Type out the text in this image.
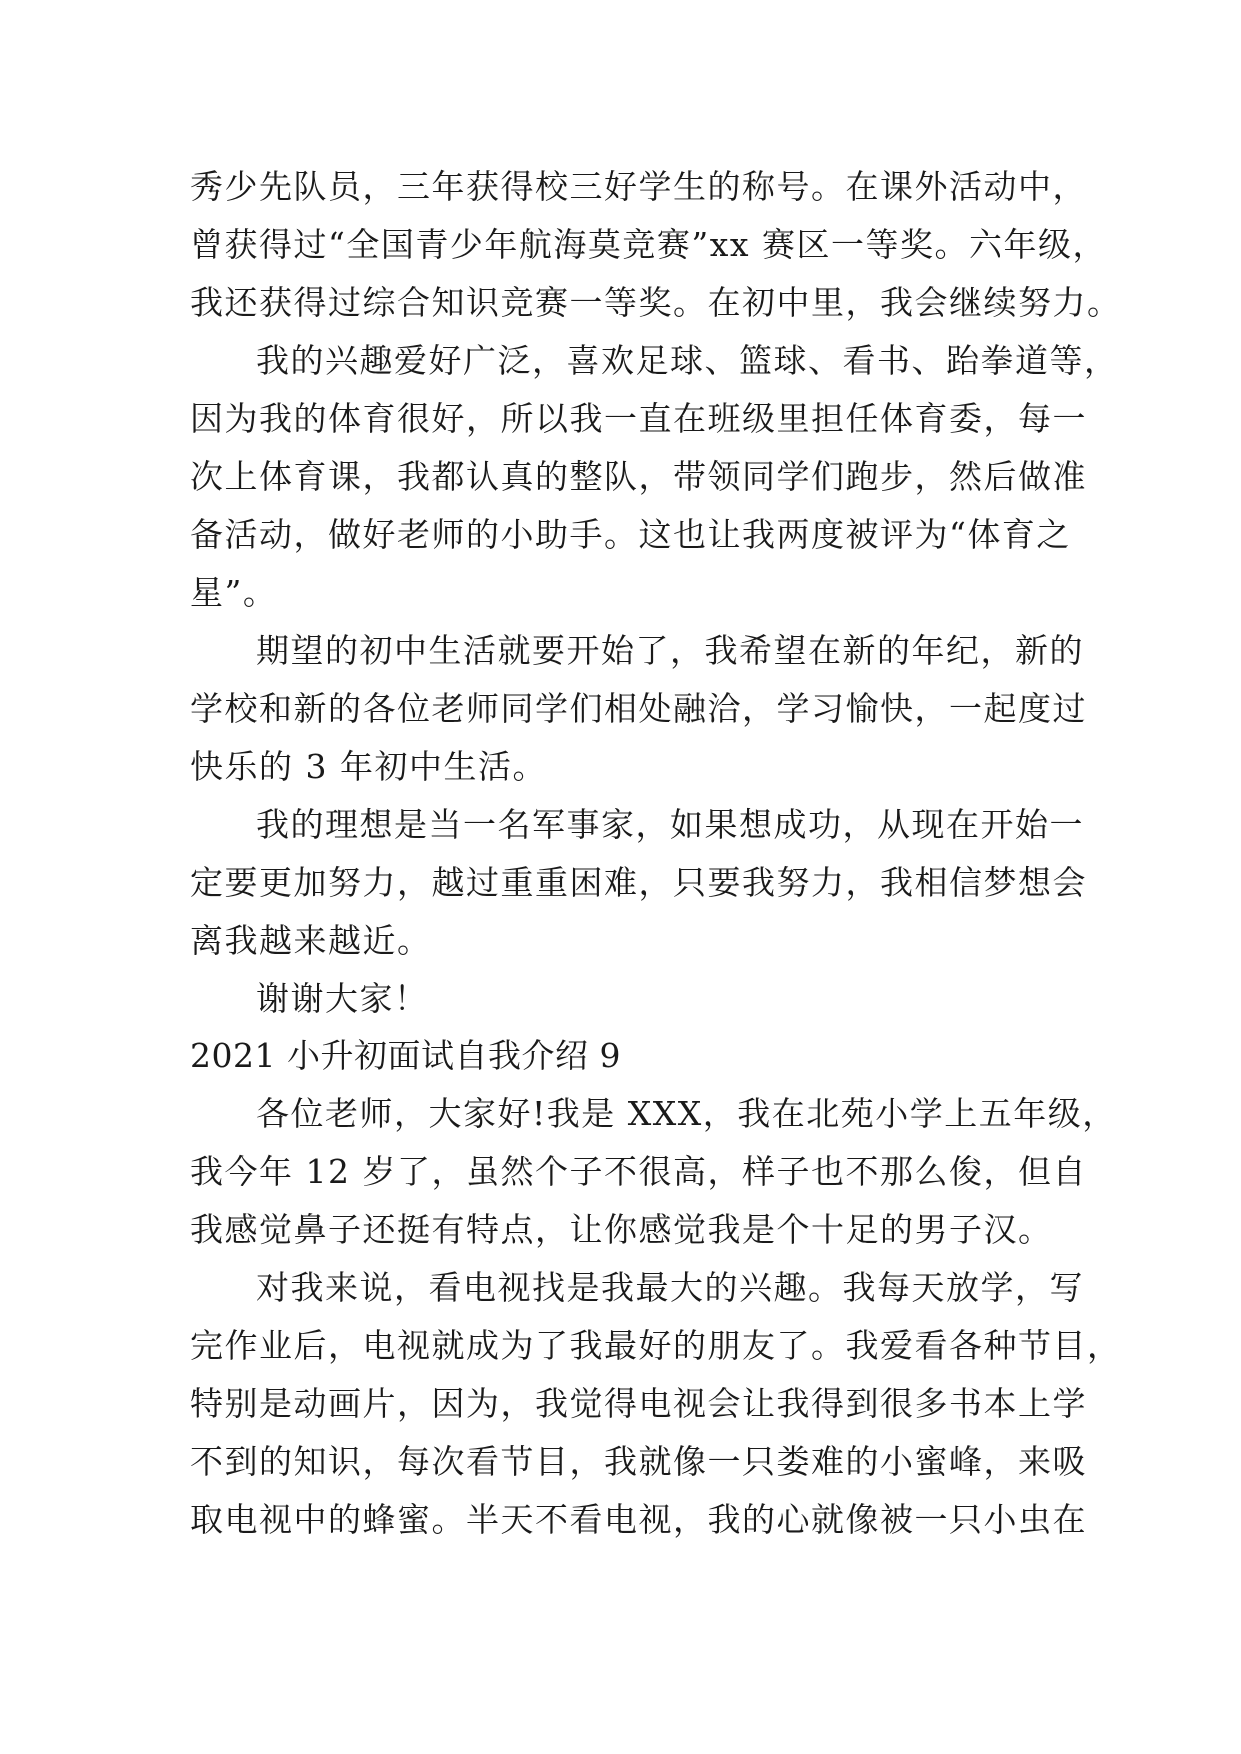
秀少先队员，三年获得校三好学生的称号。在课外活动中，
曾获得过“全国青少年航海莫竞赛”xx 赛区一等奖。六年级，
我还获得过综合知识竞赛一等奖。在初中里，我会继续努力。
我的兴趣爱好广泛，喜欢足球、篮球、看书、跆拳道等，
因为我的体育很好，所以我一直在班级里担任体育委，每一
次上体育课，我都认真的整队，带领同学们跑步，然后做准
备活动，做好老师的小助手。这也让我两度被评为“体育之
星”。
期望的初中生活就要开始了，我希望在新的年纪，新的
学校和新的各位老师同学们相处融洽，学习愉快，一起度过
快乐的 3 年初中生活。
我的理想是当一名军事家，如果想成功，从现在开始一
定要更加努力，越过重重困难，只要我努力，我相信梦想会
离我越来越近。
谢谢大家！
2021 小升初面试自我介绍 9
各位老师，大家好!我是 XXX，我在北苑小学上五年级，
我今年 12 岁了，虽然个子不很高，样子也不那么俊，但自
我感觉鼻子还挺有特点，让你感觉我是个十足的男子汉。
对我来说，看电视找是我最大的兴趣。我每天放学，写
完作业后，电视就成为了我最好的朋友了。我爱看各种节目，
特别是动画片，因为，我觉得电视会让我得到很多书本上学
不到的知识，每次看节目，我就像一只娄难的小蜜峰，来吸
取电视中的蜂蜜。半天不看电视，我的心就像被一只小虫在
